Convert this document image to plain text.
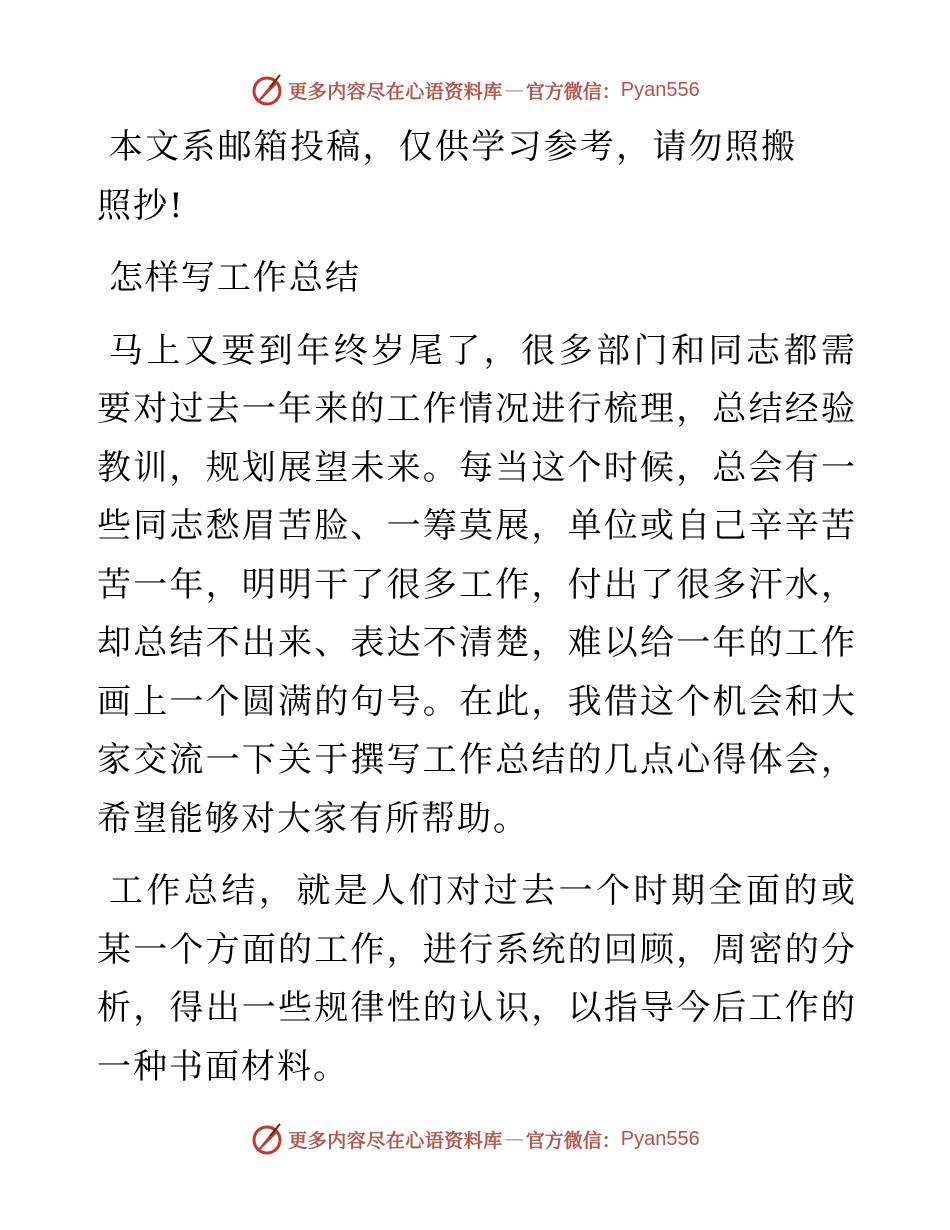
更多内容尽在心语资料库 — 官方微信： Pyan556

本文系邮箱投稿，仅供学习参考，请勿照搬照抄!

怎样写工作总结

马上又要到年终岁尾了，很多部门和同志都需要对过去一年来的工作情况进行梳理，总结经验教训，规划展望未来。每当这个时候，总会有一些同志愁眉苦脸、一筹莫展，单位或自己辛辛苦苦一年，明明干了很多工作，付出了很多汗水，却总结不出来、表达不清楚，难以给一年的工作画上一个圆满的句号。在此，我借这个机会和大家交流一下关于撰写工作总结的几点心得体会，希望能够对大家有所帮助。

工作总结，就是人们对过去一个时期全面的或某一个方面的工作，进行系统的回顾，周密的分析，得出一些规律性的认识，以指导今后工作的一种书面材料。

更多内容尽在心语资料库 — 官方微信： Pyan556
